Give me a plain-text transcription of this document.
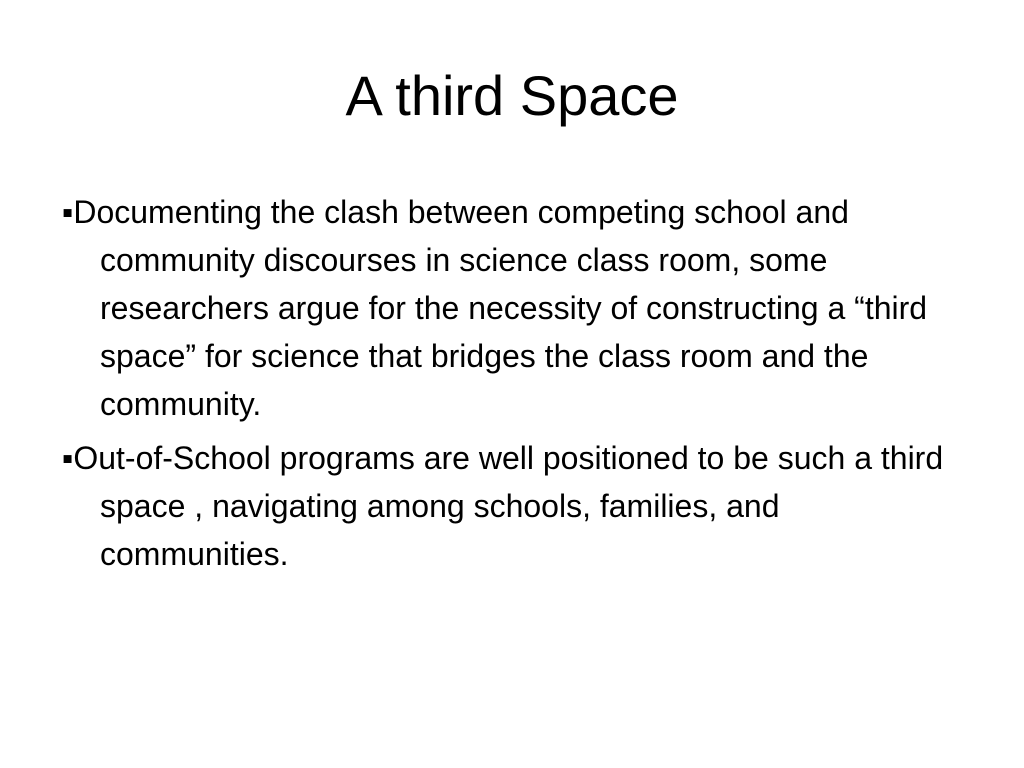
A third Space
▪Documenting the clash between competing school and community discourses in science class room, some researchers argue for the necessity of constructing a “third space” for science that bridges the class room and the community.
▪Out-of-School programs are well positioned to be such a third space , navigating among schools, families, and communities.
